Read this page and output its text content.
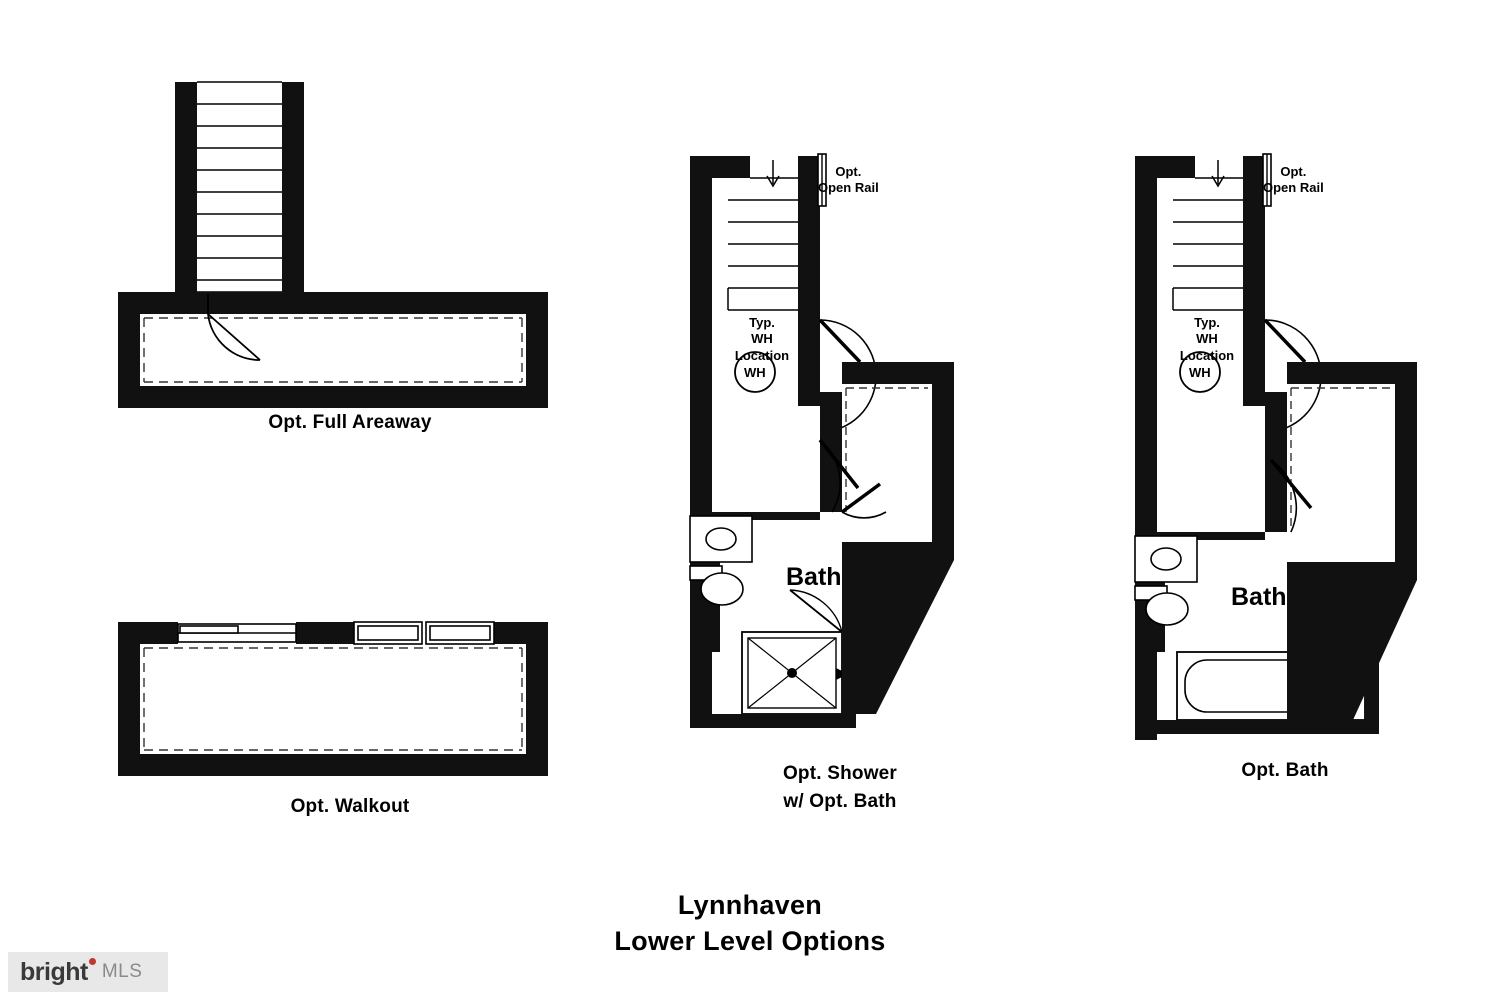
Opt. Full Areaway
Opt. Walkout
Opt.
Open Rail
Typ.
WH
Location
WH
Bath
Opt. Shower
w/ Opt. Bath
Opt.
Open Rail
Typ.
WH
Location
WH
Bath
Opt. Bath
Lynnhaven
Lower Level Options
bright MLS
